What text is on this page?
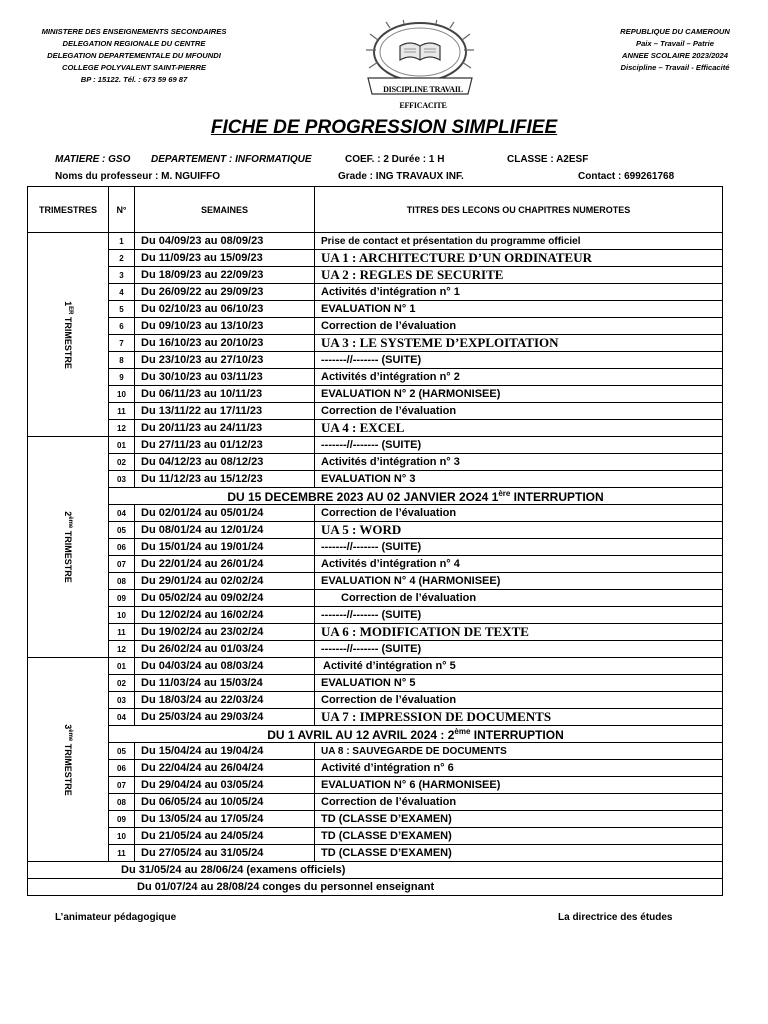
MINISTERE DES ENSEIGNEMENTS SECONDAIRES
DELEGATION REGIONALE DU CENTRE
DELEGATION DEPARTEMENTALE DU MFOUNDI
COLLEGE POLYVALENT SAINT-PIERRE
BP : 15122. Tél. : 673 59 69 87
DISCIPLINE TRAVAIL EFFICACITE
REPUBLIQUE DU CAMEROUN
Paix – Travail – Patrie
ANNEE SCOLAIRE 2023/2024
Discipline – Travail - Efficacité
FICHE DE PROGRESSION SIMPLIFIEE
MATIERE : GSO DEPARTEMENT : INFORMATIQUE	COEF. : 2 Durée : 1 H	CLASSE : A2ESF
Noms du professeur : M. NGUIFFO	Grade : ING TRAVAUX INF.	Contact : 699261768
TRIMESTRES	N°	SEMAINES	TITRES DES LECONS OU CHAPITRES NUMEROTES

1ER TRIMESTRE	1	Du 04/09/23 au 08/09/23	Prise de contact et présentation du programme officiel
	2	Du 11/09/23 au 15/09/23	UA 1 : ARCHITECTURE D’UN ORDINATEUR
	3	Du 18/09/23 au 22/09/23	UA 2 : REGLES DE SECURITE
	4	Du 26/09/22 au 29/09/23	Activités d’intégration n° 1
	5	Du 02/10/23 au 06/10/23	EVALUATION N° 1
	6	Du 09/10/23 au 13/10/23	Correction de l’évaluation
	7	Du 16/10/23 au 20/10/23	UA 3 : LE SYSTEME D’EXPLOITATION
	8	Du 23/10/23 au 27/10/23	-------//------- (SUITE)
	9	Du 30/10/23 au 03/11/23	Activités d’intégration n° 2
	10	Du 06/11/23 au 10/11/23	EVALUATION N° 2 (HARMONISEE)
	11	Du 13/11/22 au 17/11/23	Correction de l’évaluation
	12	Du 20/11/23 au 24/11/23	UA 4 : EXCEL

2ème TRIMESTRE	01	Du 27/11/23 au 01/12/23	-------//------- (SUITE)
	02	Du 04/12/23 au 08/12/23	Activités d’intégration n° 3
	03	Du 11/12/23 au 15/12/23	EVALUATION N° 3
	DU 15 DECEMBRE 2023 AU 02 JANVIER 2O24 1ère INTERRUPTION		
	04	Du 02/01/24 au 05/01/24	Correction de l’évaluation
	05	Du 08/01/24 au 12/01/24	UA 5 : WORD
	06	Du 15/01/24 au 19/01/24	-------//------- (SUITE)
	07	Du 22/01/24 au 26/01/24	Activités d’intégration n° 4
	08	Du 29/01/24 au 02/02/24	EVALUATION N° 4 (HARMONISEE)
	09	Du 05/02/24 au 09/02/24	Correction de l’évaluation
	10	Du 12/02/24 au 16/02/24	-------//------- (SUITE)
	11	Du 19/02/24 au 23/02/24	UA 6 : MODIFICATION DE TEXTE
	12	Du 26/02/24 au 01/03/24	-------//------- (SUITE)

3ème TRIMESTRE	01	Du 04/03/24 au 08/03/24	Activité d’intégration n° 5
	02	Du 11/03/24 au 15/03/24	EVALUATION N° 5
	03	Du 18/03/24 au 22/03/24	Correction de l’évaluation
	04	Du 25/03/24 au 29/03/24	UA 7 : IMPRESSION DE DOCUMENTS
	DU 1 AVRIL AU 12 AVRIL 2024 : 2ème INTERRUPTION		
	05	Du 15/04/24 au 19/04/24	UA 8 : SAUVEGARDE DE DOCUMENTS
	06	Du 22/04/24 au 26/04/24	Activité d’intégration n° 6
	07	Du 29/04/24 au 03/05/24	EVALUATION N° 6 (HARMONISEE)
	08	Du 06/05/24 au 10/05/24	Correction de l’évaluation
	09	Du 13/05/24 au 17/05/24	TD (CLASSE D’EXAMEN)
	10	Du 21/05/24 au 24/05/24	TD (CLASSE D’EXAMEN)
	11	Du 27/05/24 au 31/05/24	TD (CLASSE D’EXAMEN)
Du 31/05/24 au 28/06/24 (examens officiels)			
Du 01/07/24 au 28/08/24 conges du personnel enseignant			
L’animateur pédagogique	La directrice des études
